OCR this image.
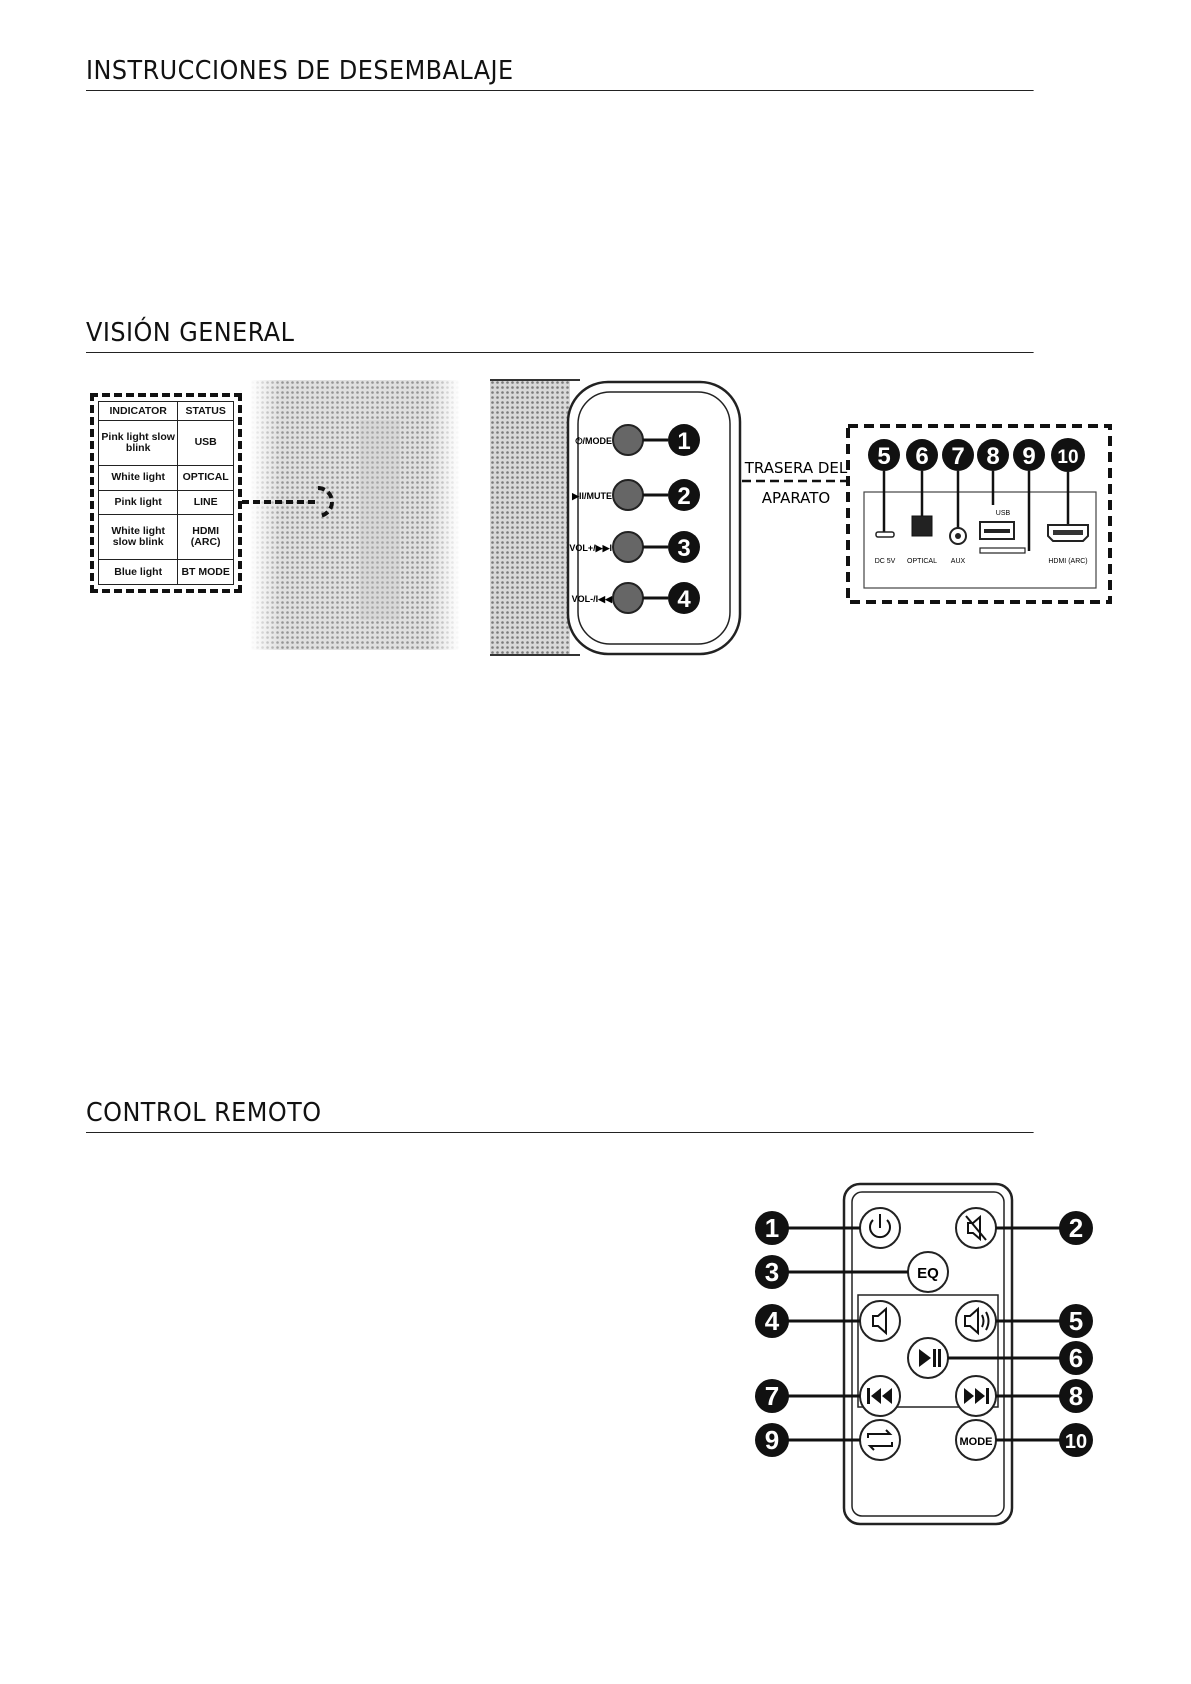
INSTRUCCIONES DE DESEMBALAJE
VISIÓN GENERAL
CONTROL REMOTO
INDICATOR	STATUS
Pink light slow blink	USB
White light	OPTICAL
Pink light	LINE
White light slow blink	HDMI (ARC)
Blue light	BT MODE
⏻/MODE
▶II/MUTE
VOL+/▶▶I
VOL-/I◀◀
1
2
3
4
TRASERA DEL
APARATO
5 6 7 8 9 10
DC 5V OPTICAL AUX
USB
HDMI (ARC)
EQ
MODE
1	2
3
4	5
6
7	8
9	10
